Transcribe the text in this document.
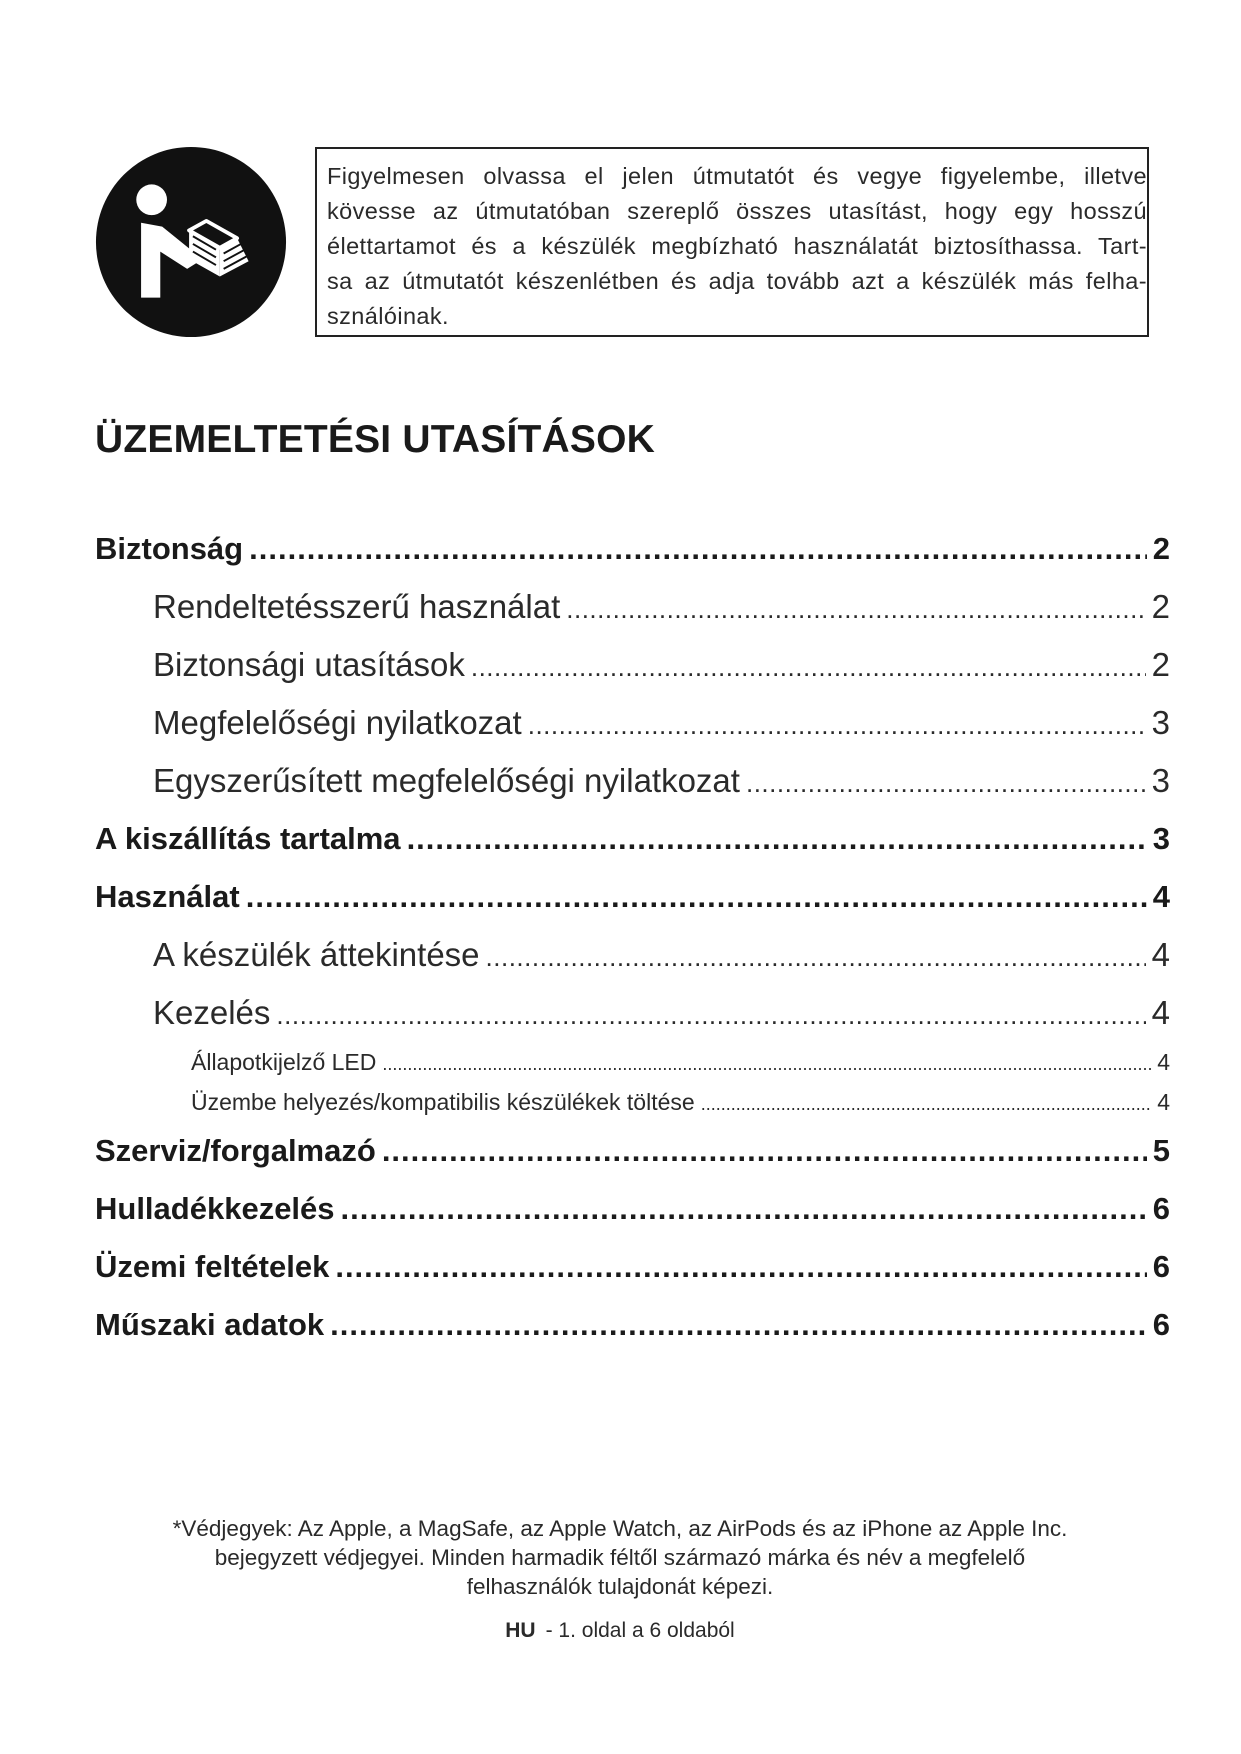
Figyelmesen olvassa el jelen útmutatót és vegye figyelembe, illetve
kövesse az útmutatóban szereplő összes utasítást, hogy egy hosszú
élettartamot és a készülék megbízható használatát biztosíthassa. Tart-
sa az útmutatót készenlétben és adja tovább azt a készülék más felha-
sználóinak.
ÜZEMELTETÉSI UTASÍTÁSOK
Biztonság .....	2
Rendeltetésszerű használat .....	2
Biztonsági utasítások .....	2
Megfelelőségi nyilatkozat .....	3
Egyszerűsített megfelelőségi nyilatkozat .....	3
A kiszállítás tartalma .....	3
Használat .....	4
A készülék áttekintése .....	4
Kezelés .....	4
Állapotkijelző LED .....	4
Üzembe helyezés/kompatibilis készülékek töltése .....	4
Szerviz/forgalmazó .....	5
Hulladékkezelés .....	6
Üzemi feltételek .....	6
Műszaki adatok .....	6
*Védjegyek: Az Apple, a MagSafe, az Apple Watch, az AirPods és az iPhone az Apple Inc.
bejegyzett védjegyei. Minden harmadik féltől származó márka és név a megfelelő
felhasználók tulajdonát képezi.
HU - 1. oldal a 6 oldaból
